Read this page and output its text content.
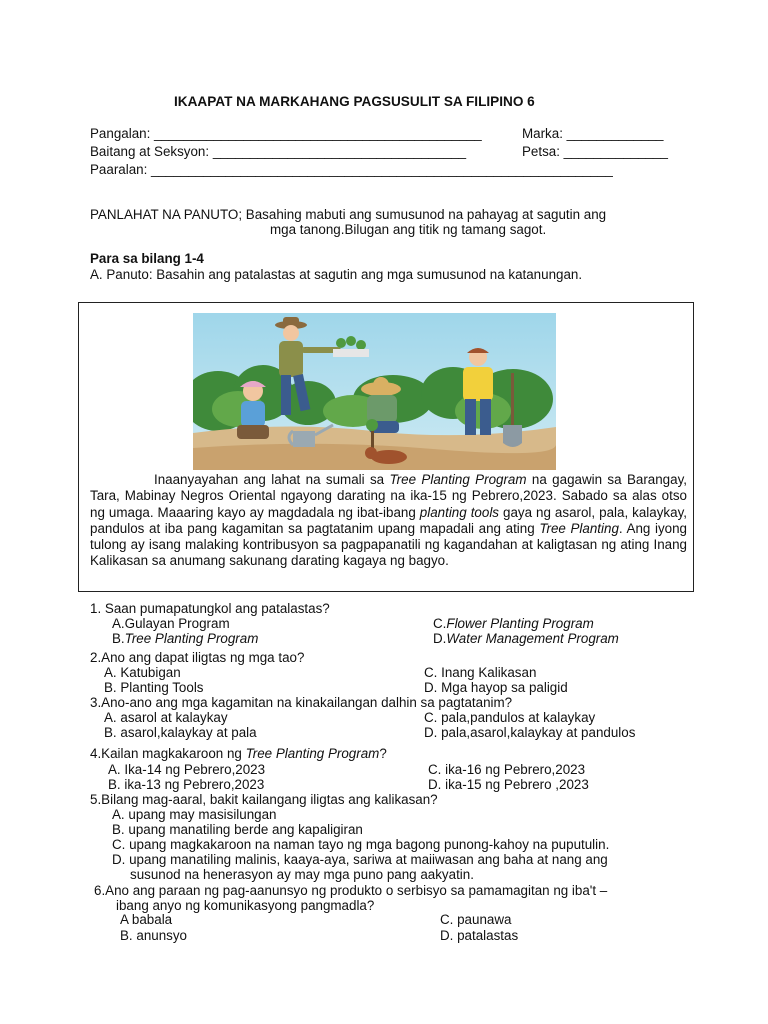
IKAAPAT NA MARKAHANG PAGSUSULIT SA FILIPINO 6
Pangalan: ____________________________________________	Marka: _____________
Baitang at Seksyon: __________________________________	Petsa: ______________
Paaralan: ______________________________________________________________
PANLAHAT NA PANUTO; Basahing mabuti ang sumusunod na pahayag at sagutin ang
mga tanong.Bilugan ang titik ng tamang sagot.
Para sa bilang 1-4
A. Panuto: Basahin ang patalastas at sagutin ang mga sumusunod na katanungan.
Inaanyayahan ang lahat na sumali sa Tree Planting Program na gagawin sa Barangay, Tara, Mabinay Negros Oriental ngayong darating na ika-15 ng Pebrero,2023. Sabado sa alas otso ng umaga. Maaaring kayo ay magdadala ng ibat-ibang planting tools gaya ng asarol, pala, kalaykay, pandulos at iba pang kagamitan sa pagtatanim upang mapadali ang ating Tree Planting. Ang iyong tulong ay isang malaking kontribusyon sa pagpapanatili ng kagandahan at kaligtasan ng ating Inang Kalikasan sa anumang sakunang darating kagaya ng bagyo.
1. Saan pumapatungkol ang patalastas?
A.Gulayan Program
B.Tree Planting Program
C.Flower Planting Program
D.Water Management Program
2.Ano ang dapat iligtas ng mga tao?
A. Katubigan
B. Planting Tools
C. Inang Kalikasan
D. Mga hayop sa paligid
3.Ano-ano ang mga kagamitan na kinakailangan dalhin sa pagtatanim?
A. asarol at kalaykay
B. asarol,kalaykay at pala
C. pala,pandulos at kalaykay
D. pala,asarol,kalaykay at pandulos
4.Kailan magkakaroon ng Tree Planting Program?
A. Ika-14 ng Pebrero,2023
B. ika-13 ng Pebrero,2023
C. ika-16 ng Pebrero,2023
D. ika-15 ng Pebrero ,2023
5.Bilang mag-aaral, bakit kailangang iligtas ang kalikasan?
A. upang may masisilungan
B. upang manatiling berde ang kapaligiran
C. upang magkakaroon na naman tayo ng mga bagong punong-kahoy na puputulin.
D. upang manatiling malinis, kaaya-aya, sariwa at maiiwasan ang baha at nang ang
susunod na henerasyon ay may mga puno pang aakyatin.
6.Ano ang paraan ng pag-aanunsyo ng produkto o serbisyo sa pamamagitan ng iba't –
ibang anyo ng komunikasyong pangmadla?
A babala
B. anunsyo
C. paunawa
D. patalastas
